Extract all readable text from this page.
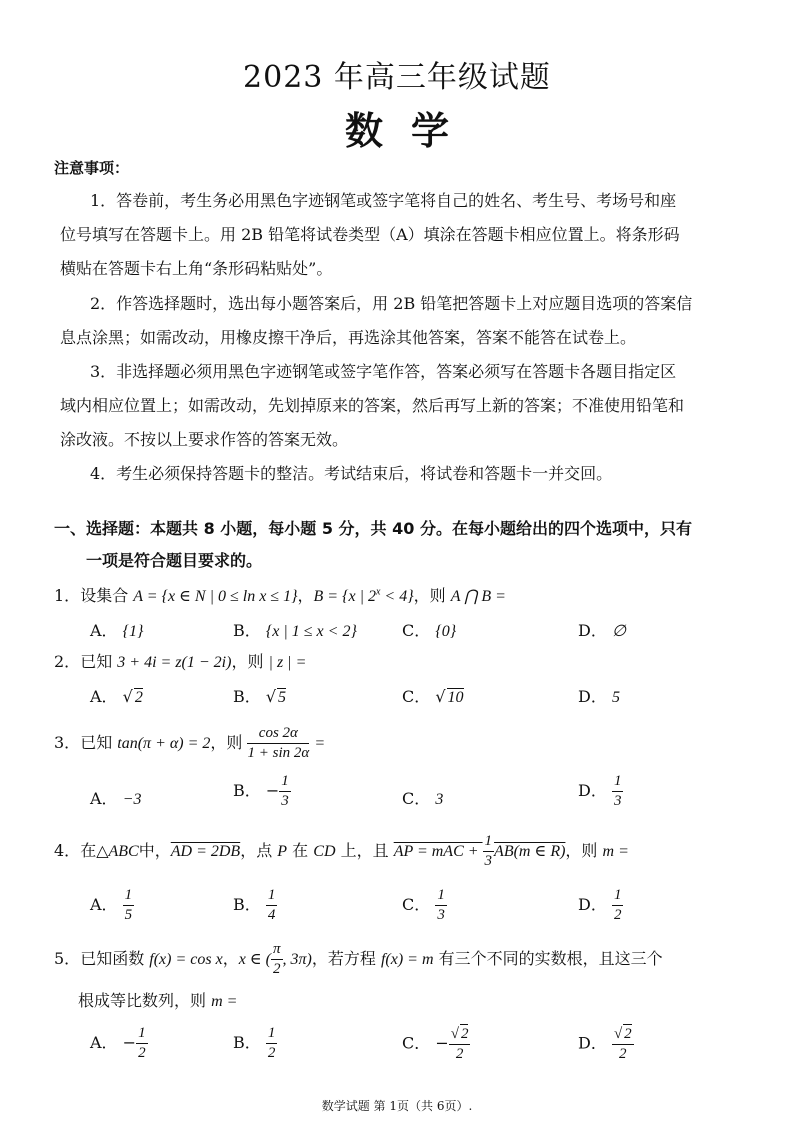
2023 年高三年级试题
数学
注意事项：
1．答卷前，考生务必用黑色字迹钢笔或签字笔将自己的姓名、考生号、考场号和座
位号填写在答题卡上。用 2B 铅笔将试卷类型（A）填涂在答题卡相应位置上。将条形码
横贴在答题卡右上角“条形码粘贴处”。
2．作答选择题时，选出每小题答案后，用 2B 铅笔把答题卡上对应题目选项的答案信
息点涂黑；如需改动，用橡皮擦干净后，再选涂其他答案，答案不能答在试卷上。
3．非选择题必须用黑色字迹钢笔或签字笔作答，答案必须写在答题卡各题目指定区
域内相应位置上；如需改动，先划掉原来的答案，然后再写上新的答案；不准使用铅笔和
涂改液。不按以上要求作答的答案无效。
4．考生必须保持答题卡的整洁。考试结束后，将试卷和答题卡一并交回。
一、选择题：本题共 8 小题，每小题 5 分，共 40 分。在每小题给出的四个选项中，只有
一项是符合题目要求的。
1．设集合 A = {x ∈ N | 0 ≤ ln x ≤ 1}，B = {x | $2^x < 4$}，则 A ⋂ B =
A． {1}	B． {x | 1 ≤ x < 2}	C． {0}	D． ∅
2．已知 3 + 4i = z(1 − 2i)，则 | z | =
A． √ 2	B． √ 5	C． √ 10	D． 5
3．已知 tan(π + α) = 2，则 $\frac{\cos 2\alpha}{1 + \sin 2\alpha}$ =
A． −3	B． − $\frac{1}{3}$	C． 3	D． $\frac{1}{3}$
4．在△ABC中，AD = 2DB，点 P 在 CD 上，且 AP = mAC + $\frac{1}{3} AB(m$ ∈ R)，则 m =
A． $\frac{1}{5}$	B． $\frac{1}{4}$	C． $\frac{1}{3}$	D． $\frac{1}{2}$
5．已知函数 f(x) = cos x，x ∈ ( $\frac{\pi}{2}$ , 3π)，若方程 f(x) = m 有三个不同的实数根，且这三个
根成等比数列，则 m =
A． − $\frac{1}{2}$	B． $\frac{1}{2}$	C． − $\frac{√ 2}{2}$	D． $\frac{√ 2}{2}$
数学试题 第 1页（共 6页）.
